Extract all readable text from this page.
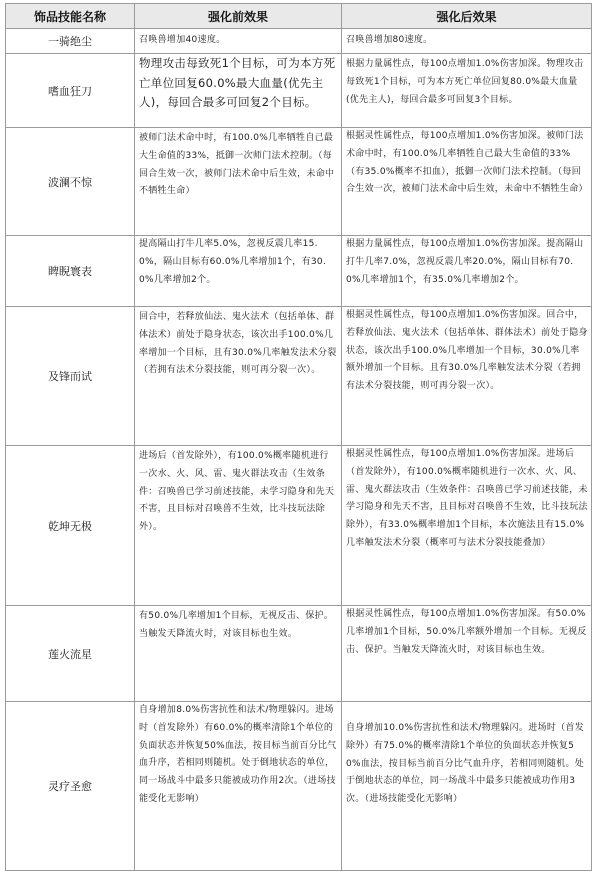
饰品技能名称	强化前效果	强化后效果
一骑绝尘	召唤兽增加40速度。	召唤兽增加80速度。
嗜血狂刀	物理攻击每致死1个目标，可为本方死亡单位回复60.0%最大血量(优先主人)，每回合最多可回复2个目标。	根据力量属性点，每100点增加1.0%伤害加深。物理攻击每致死1个目标，可为本方死亡单位回复80.0%最大血量(优先主人)，每回合最多可回复3个目标。
波澜不惊	被师门法术命中时，有100.0%几率牺牲自己最大生命值的33%，抵御一次师门法术控制。（每回合生效一次，被师门法术命中后生效，未命中不牺牲生命）	根据灵性属性点，每100点增加1.0%伤害加深。被师门法术命中时，有100.0%几率牺牲自己最大生命值的33%（有35.0%概率不扣血），抵御一次师门法术控制。（每回合生效一次，被师门法术命中后生效，未命中不牺牲生命）
睥睨寰表	提高隔山打牛几率5.0%，忽视反震几率15.0%，隔山目标有60.0%几率增加1个，有30.0%几率增加2个。	根据力量属性点，每100点增加1.0%伤害加深。提高隔山打牛几率7.0%，忽视反震几率20.0%，隔山目标有70.0%几率增加1个，有35.0%几率增加2个。
及锋而试	回合中，若释放仙法、鬼火法术（包括单体、群体法术）前处于隐身状态，该次出手100.0%几率增加一个目标，且有30.0%几率触发法术分裂（若拥有法术分裂技能，则可再分裂一次）。	根据灵性属性点，每100点增加1.0%伤害加深。回合中，若释放仙法、鬼火法术（包括单体、群体法术）前处于隐身状态，该次出手100.0%几率增加一个目标，30.0%几率额外增加一个目标。且有30.0%几率触发法术分裂（若拥有法术分裂技能，则可再分裂一次）。
乾坤无极	进场后（首发除外），有100.0%概率随机进行一次水、火、风、雷、鬼火群法攻击（生效条件：召唤兽已学习前述技能，未学习隐身和先天不害，且目标对召唤兽不生效，比斗技玩法除外）。	根据灵性属性点，每100点增加1.0%伤害加深。进场后（首发除外），有100.0%概率随机进行一次水、火、风、雷、鬼火群法攻击（生效条件：召唤兽已学习前述技能，未学习隐身和先天不害，且目标对召唤兽不生效，比斗技玩法除外），有33.0%概率增加1个目标，本次施法且有15.0%几率触发法术分裂（概率可与法术分裂技能叠加）
莲火流星	有50.0%几率增加1个目标，无视反击、保护。当触发天降流火时，对该目标也生效。	根据灵性属性点，每100点增加1.0%伤害加深。有50.0%几率增加1个目标，50.0%几率额外增加一个目标。无视反击、保护。当触发天降流火时，对该目标也生效。
灵疗圣愈	自身增加8.0%伤害抗性和法术/物理躲闪。进场时（首发除外）有60.0%的概率清除1个单位的负面状态并恢复50%血法，按目标当前百分比气血升序，若相同则随机。处于倒地状态的单位，同一场战斗中最多只能被成功作用2次。（进场技能受化无影响）	自身增加10.0%伤害抗性和法术/物理躲闪。进场时（首发除外）有75.0%的概率清除1个单位的负面状态并恢复50%血法，按目标当前百分比气血升序，若相同则随机。处于倒地状态的单位，同一场战斗中最多只能被成功作用3次。（进场技能受化无影响）
